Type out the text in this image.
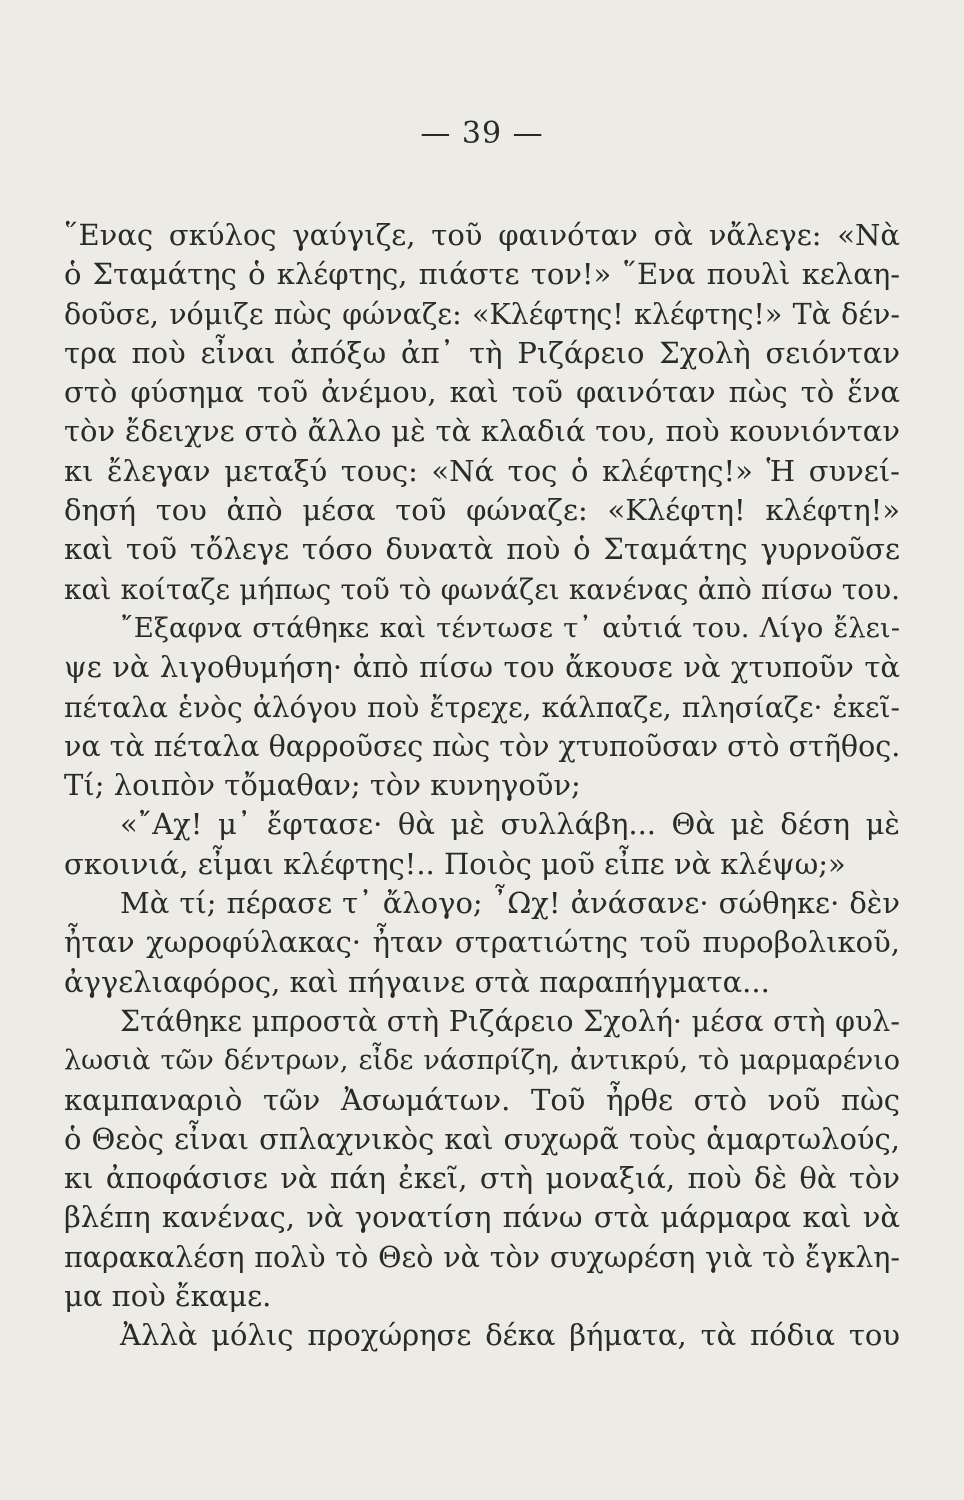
— 39 —
῞Ενας σκύλος γαύγιζε, τοῦ φαινόταν σὰ νἄλεγε: «Νὰ
ὁ Σταμάτης ὁ κλέφτης, πιάστε τον!» ῞Ενα πουλὶ κελαη-
δοῦσε, νόμιζε πὼς φώναζε: «Κλέφτης! κλέφτης!» Τὰ δέν-
τρα ποὺ εἶναι ἀπόξω ἀπ᾿ τὴ Ριζάρειο Σχολὴ σειόνταν
στὸ φύσημα τοῦ ἀνέμου, καὶ τοῦ φαινόταν πὼς τὸ ἕνα
τὸν ἔδειχνε στὸ ἄλλο μὲ τὰ κλαδιά του, ποὺ κουνιόνταν
κι ἔλεγαν μεταξύ τους: «Νά τος ὁ κλέφτης!» Ἡ συνεί-
δησή του ἀπὸ μέσα τοῦ φώναζε: «Κλέφτη! κλέφτη!»
καὶ τοῦ τὄλεγε τόσο δυνατὰ ποὺ ὁ Σταμάτης γυρνοῦσε
καὶ κοίταζε μήπως τοῦ τὸ φωνάζει κανένας ἀπὸ πίσω του.
῎Εξαφνα στάθηκε καὶ τέντωσε τ᾿ αὐτιά του. Λίγο ἔλει-
ψε νὰ λιγοθυμήση· ἀπὸ πίσω του ἄκουσε νὰ χτυποῦν τὰ
πέταλα ἑνὸς ἀλόγου ποὺ ἔτρεχε, κάλπαζε, πλησίαζε· ἐκεῖ-
να τὰ πέταλα θαρροῦσες πὼς τὸν χτυποῦσαν στὸ στῆθος.
Τί; λοιπὸν τὄμαθαν; τὸν κυνηγοῦν;
«῎Αχ! μ᾿ ἔφτασε· θὰ μὲ συλλάβη... Θὰ μὲ δέση μὲ
σκοινιά, εἶμαι κλέφτης!.. Ποιὸς μοῦ εἶπε νὰ κλέψω;»
Μὰ τί; πέρασε τ᾿ ἄλογο; ῏Ωχ! ἀνάσανε· σώθηκε· δὲν
ἦταν χωροφύλακας· ἦταν στρατιώτης τοῦ πυροβολικοῦ,
ἀγγελιαφόρος, καὶ πήγαινε στὰ παραπήγματα...
Στάθηκε μπροστὰ στὴ Ριζάρειο Σχολή· μέσα στὴ φυλ-
λωσιὰ τῶν δέντρων, εἶδε νάσπρίζη, ἀντικρύ, τὸ μαρμαρένιο
καμπαναριὸ τῶν Ἀσωμάτων. Τοῦ ἦρθε στὸ νοῦ πὼς
ὁ Θεὸς εἶναι σπλαχνικὸς καὶ συχωρᾶ τοὺς ἁμαρτωλούς,
κι ἀποφάσισε νὰ πάη ἐκεῖ, στὴ μοναξιά, ποὺ δὲ θὰ τὸν
βλέπη κανένας, νὰ γονατίση πάνω στὰ μάρμαρα καὶ νὰ
παρακαλέση πολὺ τὸ Θεὸ νὰ τὸν συχωρέση γιὰ τὸ ἔγκλη-
μα ποὺ ἔκαμε.
Ἀλλὰ μόλις προχώρησε δέκα βήματα, τὰ πόδια του
